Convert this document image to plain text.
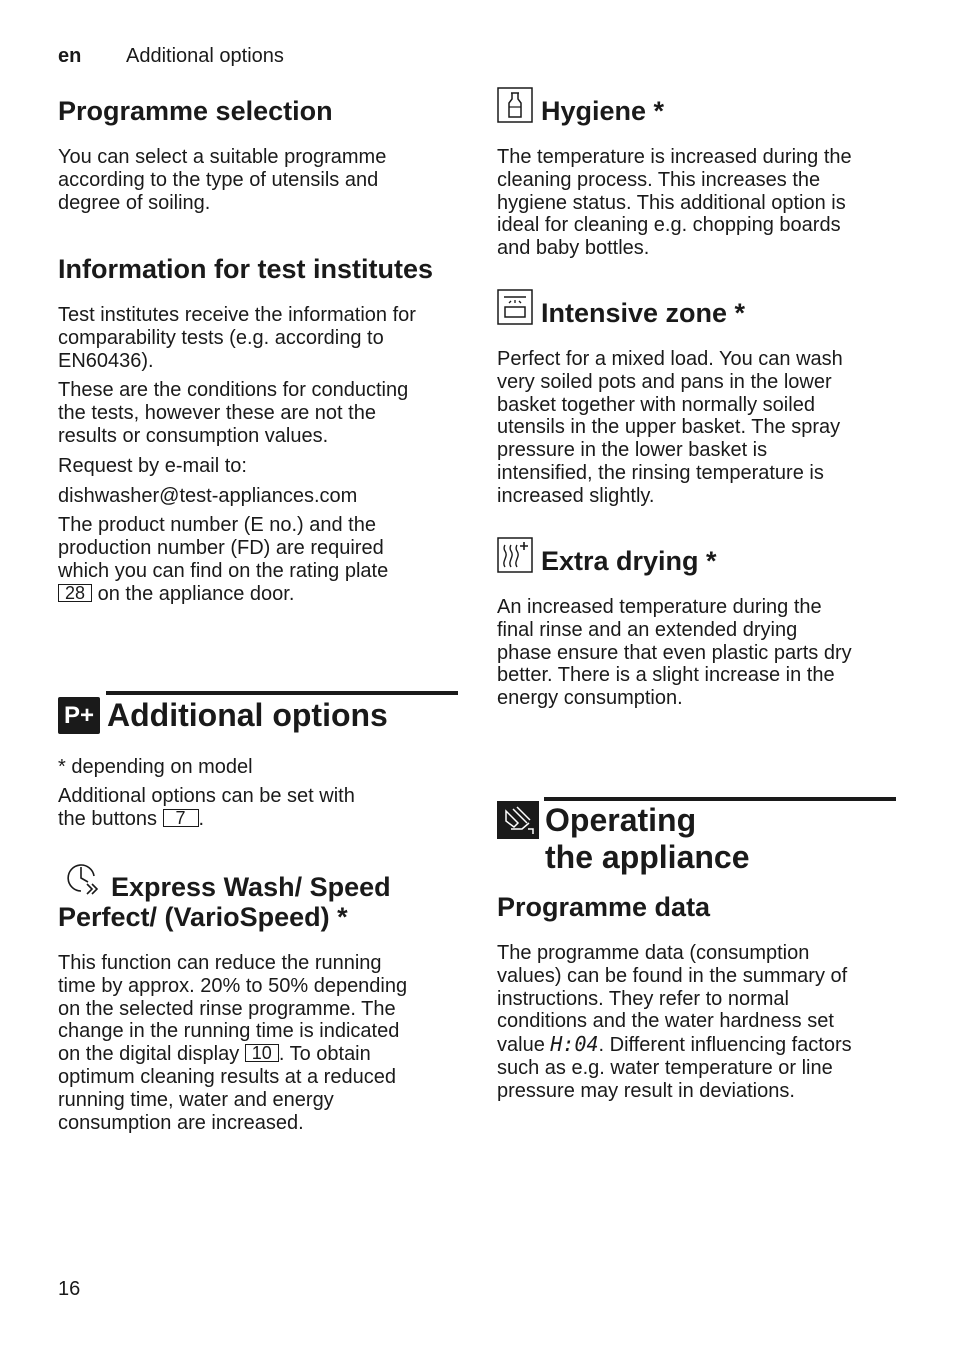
en Additional options
Programme selection

You can select a suitable programme

according to the type of utensils and

degree of soiling.

Information for test institutes

Test institutes receive the information for

comparability tests (e.g. according to

EN60436).

These are the conditions for conducting

the tests, however these are not the

results or consumption values.

Request by e-mail to:

dishwasher@test-appliances.com

The product number (E no.) and the

production number (FD) are required

which you can find on the rating plate

28 on the appliance door.

P+ Additional options

* depending on model

Additional options can be set with

the buttons 7 .

Express Wash/ Speed
Perfect/ (VarioSpeed) *

This function can reduce the running

time by approx. 20% to 50% depending

on the selected rinse programme. The

change in the running time is indicated

on the digital display 10 . To obtain

optimum cleaning results at a reduced

running time, water and energy

consumption are increased.

16
Hygiene *

The temperature is increased during the

cleaning process. This increases the

hygiene status. This additional option is

ideal for cleaning e.g. chopping boards

and baby bottles.

Intensive zone *

Perfect for a mixed load. You can wash

very soiled pots and pans in the lower

basket together with normally soiled

utensils in the upper basket. The spray

pressure in the lower basket is

intensified, the rinsing temperature is

increased slightly.

Extra drying *

An increased temperature during the

final rinse and an extended drying

phase ensure that even plastic parts dry

better. There is a slight increase in the

energy consumption.

Operating
the appliance
Programme data

The programme data (consumption

values) can be found in the summary of

instructions. They refer to normal

conditions and the water hardness set

value H:04. Different influencing factors

such as e.g. water temperature or line

pressure may result in deviations.
